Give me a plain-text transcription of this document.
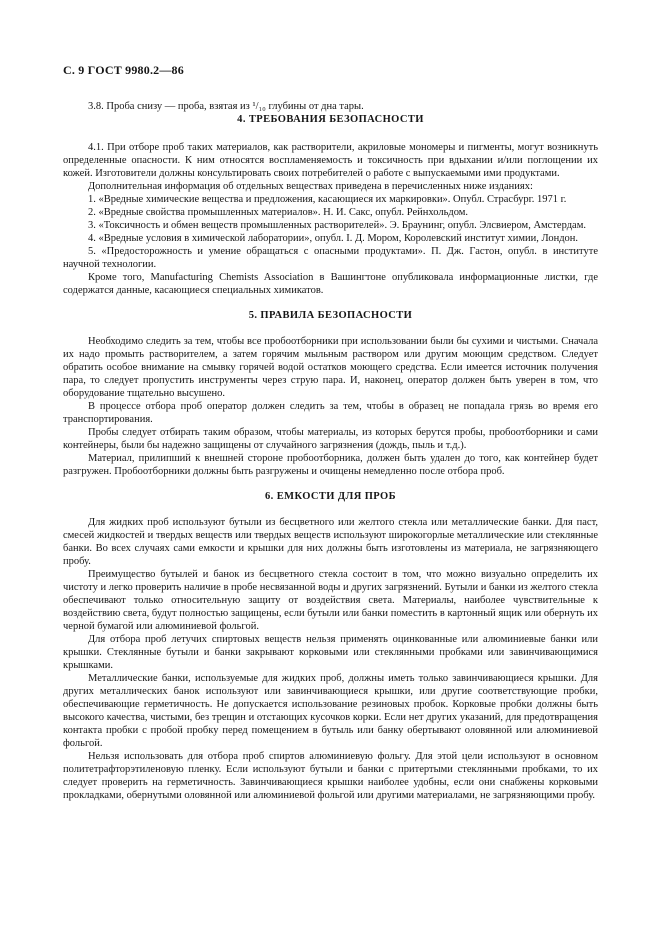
С. 9 ГОСТ 9980.2—86

3.8. Проба снизу — проба, взятая из ¹/₁₀ глубины от дна тары.

4. ТРЕБОВАНИЯ БЕЗОПАСНОСТИ

4.1. При отборе проб таких материалов, как растворители, акриловые мономеры и пигменты, могут возникнуть определенные опасности. К ним относятся воспламеняемость и токсичность при вдыхании и/или поглощении их кожей. Изготовители должны консультировать своих потребителей о работе с выпускаемыми ими продуктами.

Дополнительная информация об отдельных веществах приведена в перечисленных ниже изданиях:

1. «Вредные химические вещества и предложения, касающиеся их маркировки». Опубл. Страсбург. 1971 г.

2. «Вредные свойства промышленных материалов». Н. И. Сакс, опубл. Рейнхольдом.

3. «Токсичность и обмен веществ промышленных растворителей». Э. Браунинг, опубл. Элсвиером, Амстердам.

4. «Вредные условия в химической лаборатории», опубл. I. Д. Мором, Королевский институт химии, Лондон.

5. «Предосторожность и умение обращаться с опасными продуктами». П. Дж. Гастон, опубл. в институте научной технологии.

Кроме того, Manufacturing Chemists Association в Вашингтоне опубликовала информационные листки, где содержатся данные, касающиеся специальных химикатов.

5. ПРАВИЛА БЕЗОПАСНОСТИ

Необходимо следить за тем, чтобы все пробоотборники при использовании были бы сухими и чистыми. Сначала их надо промыть растворителем, а затем горячим мыльным раствором или другим моющим средством. Следует обратить особое внимание на смывку горячей водой остатков моющего средства. Если имеется источник получения пара, то следует пропустить инструменты через струю пара. И, наконец, оператор должен быть уверен в том, что оборудование тщательно высушено.

В процессе отбора проб оператор должен следить за тем, чтобы в образец не попадала грязь во время его транспортирования.

Пробы следует отбирать таким образом, чтобы материалы, из которых берутся пробы, пробоотборники и сами контейнеры, были бы надежно защищены от случайного загрязнения (дождь, пыль и т.д.).

Материал, прилипший к внешней стороне пробоотборника, должен быть удален до того, как контейнер будет разгружен. Пробоотборники должны быть разгружены и очищены немедленно после отбора проб.

6. ЕМКОСТИ ДЛЯ ПРОБ

Для жидких проб используют бутыли из бесцветного или желтого стекла или металлические банки. Для паст, смесей жидкостей и твердых веществ или твердых веществ используют широкогорлые металлические или стеклянные банки. Во всех случаях сами емкости и крышки для них должны быть изготовлены из материала, не загрязняющего пробу.

Преимущество бутылей и банок из бесцветного стекла состоит в том, что можно визуально определить их чистоту и легко проверить наличие в пробе несвязанной воды и других загрязнений. Бутыли и банки из желтого стекла обеспечивают только относительную защиту от воздействия света. Материалы, наиболее чувствительные к воздействию света, будут полностью защищены, если бутыли или банки поместить в картонный ящик или обернуть их черной бумагой или алюминиевой фольгой.

Для отбора проб летучих спиртовых веществ нельзя применять оцинкованные или алюминиевые банки или крышки. Стеклянные бутыли и банки закрывают корковыми или стеклянными пробками или завинчивающимися крышками.

Металлические банки, используемые для жидких проб, должны иметь только завинчивающиеся крышки. Для других металлических банок используют или завинчивающиеся крышки, или другие соответствующие пробки, обеспечивающие герметичность. Не допускается использование резиновых пробок. Корковые пробки должны быть высокого качества, чистыми, без трещин и отстающих кусочков корки. Если нет других указаний, для предотвращения контакта пробки с пробой пробку перед помещением в бутыль или банку обертывают оловянной или алюминиевой фольгой.

Нельзя использовать для отбора проб спиртов алюминиевую фольгу. Для этой цели используют в основном политетрафторэтиленовую пленку. Если используют бутыли и банки с притертыми стеклянными пробками, то их следует проверить на герметичность. Завинчивающиеся крышки наиболее удобны, если они снабжены корковыми прокладками, обернутыми оловянной или алюминиевой фольгой или другими материалами, не загрязняющими пробу.
